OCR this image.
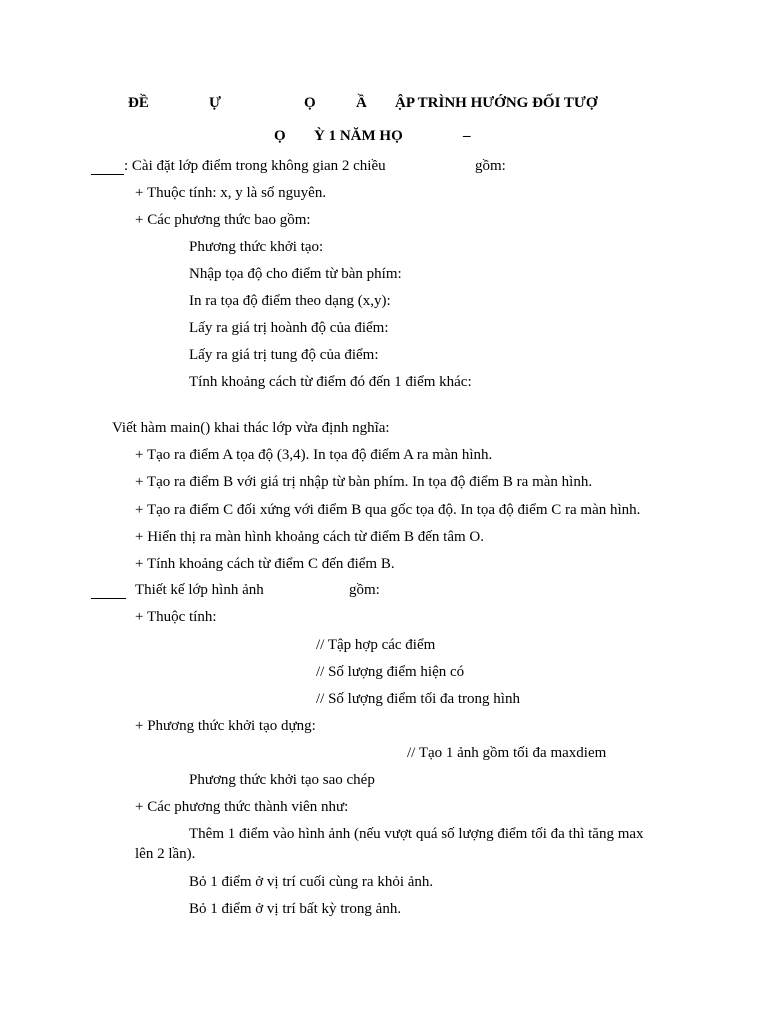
ĐỀ	Ự	Ọ	Ầ ẬP TRÌNH HƯỚNG ĐỐI TƯỢ
Ọ Ỳ 1 NĂM HỌ	–
: Cài đặt lớp điểm trong không gian 2 chiều	gồm:
+ Thuộc tính: x, y là số nguyên.
+ Các phương thức bao gồm:
Phương thức khởi tạo:
Nhập tọa độ cho điểm từ bàn phím:
In ra tọa độ điểm theo dạng (x,y):
Lấy ra giá trị hoành độ của điểm:
Lấy ra giá trị tung độ của điểm:
Tính khoảng cách từ điểm đó đến 1 điểm khác:
Viết hàm main() khai thác lớp vừa định nghĩa:
+ Tạo ra điểm A tọa độ (3,4). In tọa độ điểm A ra màn hình.
+ Tạo ra điểm B với giá trị nhập từ bàn phím. In tọa độ điểm B ra màn hình.
+ Tạo ra điểm C đối xứng với điểm B qua gốc tọa độ. In tọa độ điểm C ra màn hình.
+ Hiển thị ra màn hình khoảng cách từ điểm B đến tâm O.
+ Tính khoảng cách từ điểm C đến điểm B.
Thiết kế lớp hình ảnh	gồm:
+ Thuộc tính:
// Tập hợp các điểm
// Số lượng điểm hiện có
// Số lượng điểm tối đa trong hình
+ Phương thức khởi tạo dựng:
// Tạo 1 ảnh gồm tối đa maxdiem
Phương thức khởi tạo sao chép
+ Các phương thức thành viên như:
Thêm 1 điểm vào hình ảnh (nếu vượt quá số lượng điểm tối đa thì tăng max
lên 2 lần).
Bỏ 1 điểm ở vị trí cuối cùng ra khỏi ảnh.
Bỏ 1 điểm ở vị trí bất kỳ trong ảnh.
